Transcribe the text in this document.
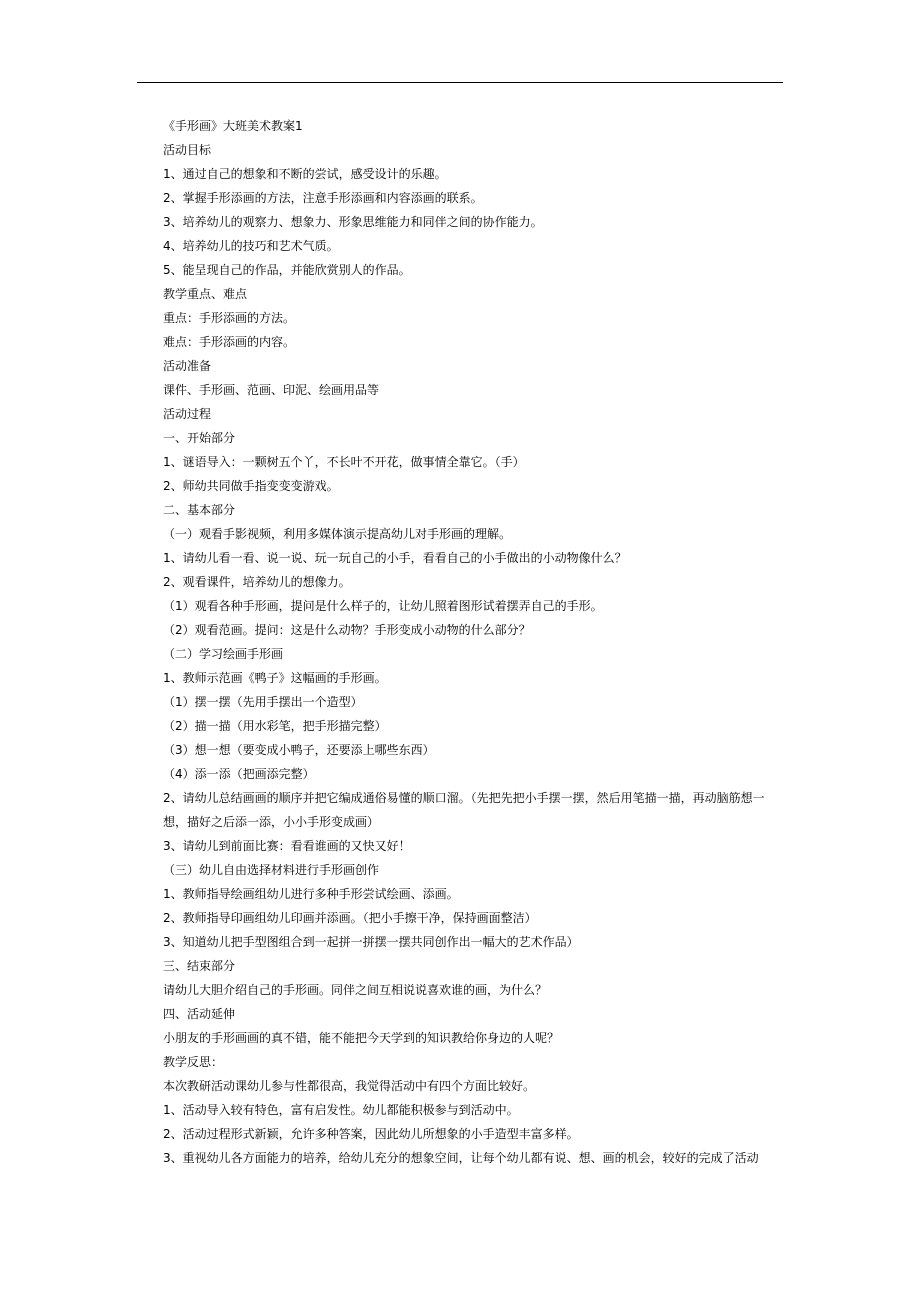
《手形画》大班美术教案1
活动目标
1、通过自己的想象和不断的尝试，感受设计的乐趣。
2、掌握手形添画的方法，注意手形添画和内容添画的联系。
3、培养幼儿的观察力、想象力、形象思维能力和同伴之间的协作能力。
4、培养幼儿的技巧和艺术气质。
5、能呈现自己的作品，并能欣赏别人的作品。
教学重点、难点
重点：手形添画的方法。
难点：手形添画的内容。
活动准备
课件、手形画、范画、印泥、绘画用品等
活动过程
一、开始部分
1、谜语导入：一颗树五个丫，不长叶不开花，做事情全靠它。（手）
2、师幼共同做手指变变变游戏。
二、基本部分
（一）观看手影视频，利用多媒体演示提高幼儿对手形画的理解。
1、请幼儿看一看、说一说、玩一玩自己的小手，看看自己的小手做出的小动物像什么？
2、观看课件，培养幼儿的想像力。
（1）观看各种手形画，提问是什么样子的，让幼儿照着图形试着摆弄自己的手形。
（2）观看范画。提问：这是什么动物？手形变成小动物的什么部分？
（二）学习绘画手形画
1、教师示范画《鸭子》这幅画的手形画。
（1）摆一摆（先用手摆出一个造型）
（2）描一描（用水彩笔，把手形描完整）
（3）想一想（要变成小鸭子，还要添上哪些东西）
（4）添一添（把画添完整）
2、请幼儿总结画画的顺序并把它编成通俗易懂的顺口溜。（先把先把小手摆一摆，然后用笔描一描，再动脑筋想一想，描好之后添一添，小小手形变成画）
3、请幼儿到前面比赛：看看谁画的又快又好！
（三）幼儿自由选择材料进行手形画创作
1、教师指导绘画组幼儿进行多种手形尝试绘画、添画。
2、教师指导印画组幼儿印画并添画。（把小手擦干净，保持画面整洁）
3、知道幼儿把手型图组合到一起拼一拼摆一摆共同创作出一幅大的艺术作品）
三、结束部分
请幼儿大胆介绍自己的手形画。同伴之间互相说说喜欢谁的画，为什么？
四、活动延伸
小朋友的手形画画的真不错，能不能把今天学到的知识教给你身边的人呢？
教学反思：
本次教研活动课幼儿参与性都很高，我觉得活动中有四个方面比较好。
1、活动导入较有特色，富有启发性。幼儿都能积极参与到活动中。
2、活动过程形式新颖，允许多种答案，因此幼儿所想象的小手造型丰富多样。
3、重视幼儿各方面能力的培养，给幼儿充分的想象空间，让每个幼儿都有说、想、画的机会，较好的完成了活动
